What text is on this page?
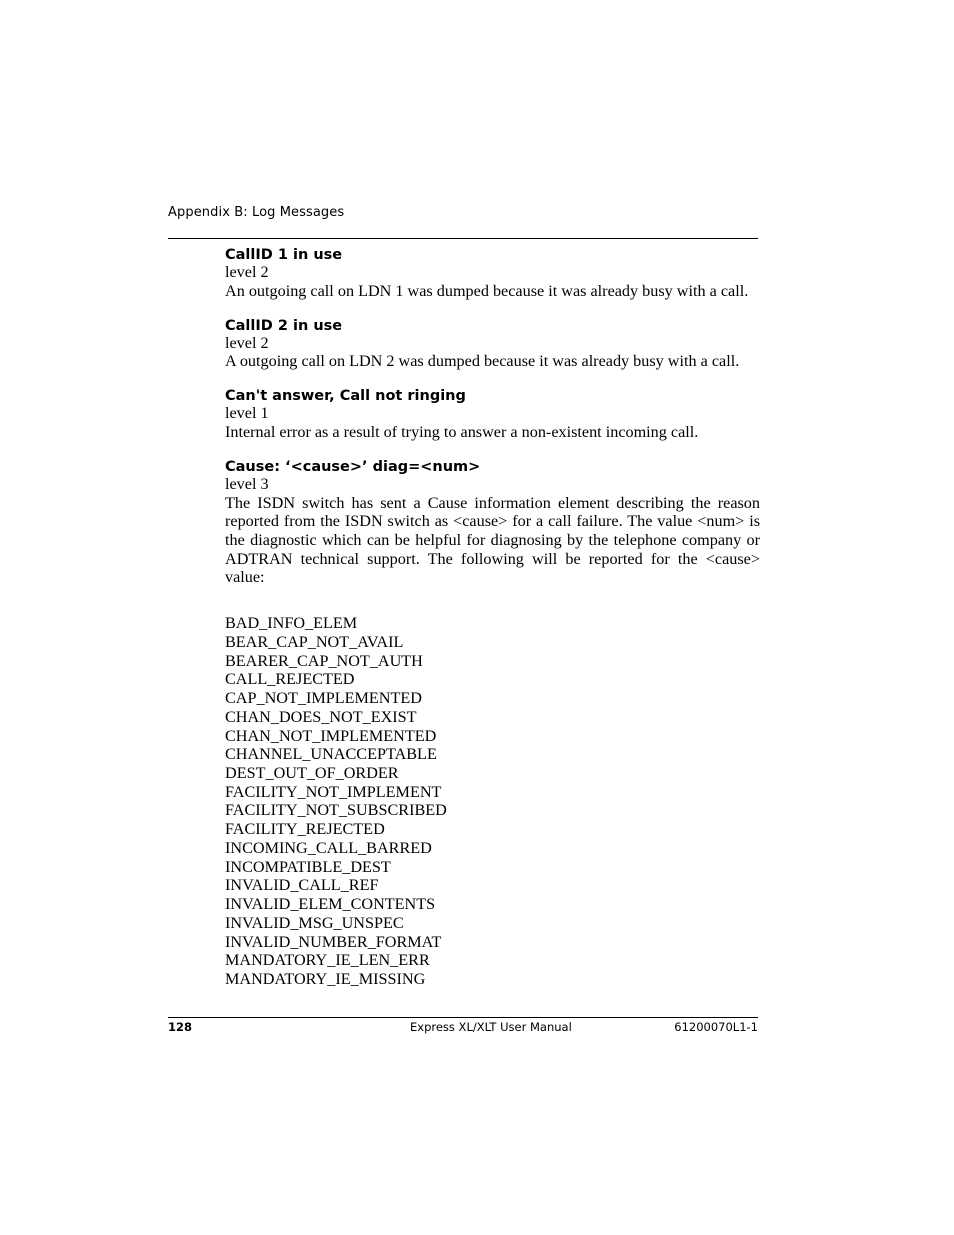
Appendix B: Log Messages
CallID 1 in use
level 2

An outgoing call on LDN 1 was dumped because it was already busy with a call.

CallID 2 in use
level 2

A outgoing call on LDN 2 was dumped because it was already busy with a call.

Can't answer, Call not ringing
level 1

Internal error as a result of trying to answer a non-existent incoming call.

Cause: ‘<cause>’ diag=<num>
level 3

The ISDN switch has sent a Cause information element describing the reason reported from the ISDN switch as <cause> for a call failure. The value <num> is the diagnostic which can be helpful for diagnosing by the telephone company or ADTRAN technical support. The following will be reported for the <cause> value:

BAD_INFO_ELEM
BEAR_CAP_NOT_AVAIL
BEARER_CAP_NOT_AUTH
CALL_REJECTED
CAP_NOT_IMPLEMENTED
CHAN_DOES_NOT_EXIST
CHAN_NOT_IMPLEMENTED
CHANNEL_UNACCEPTABLE
DEST_OUT_OF_ORDER
FACILITY_NOT_IMPLEMENT
FACILITY_NOT_SUBSCRIBED
FACILITY_REJECTED
INCOMING_CALL_BARRED
INCOMPATIBLE_DEST
INVALID_CALL_REF
INVALID_ELEM_CONTENTS
INVALID_MSG_UNSPEC
INVALID_NUMBER_FORMAT
MANDATORY_IE_LEN_ERR
MANDATORY_IE_MISSING
128	Express XL/XLT User Manual	61200070L1-1
